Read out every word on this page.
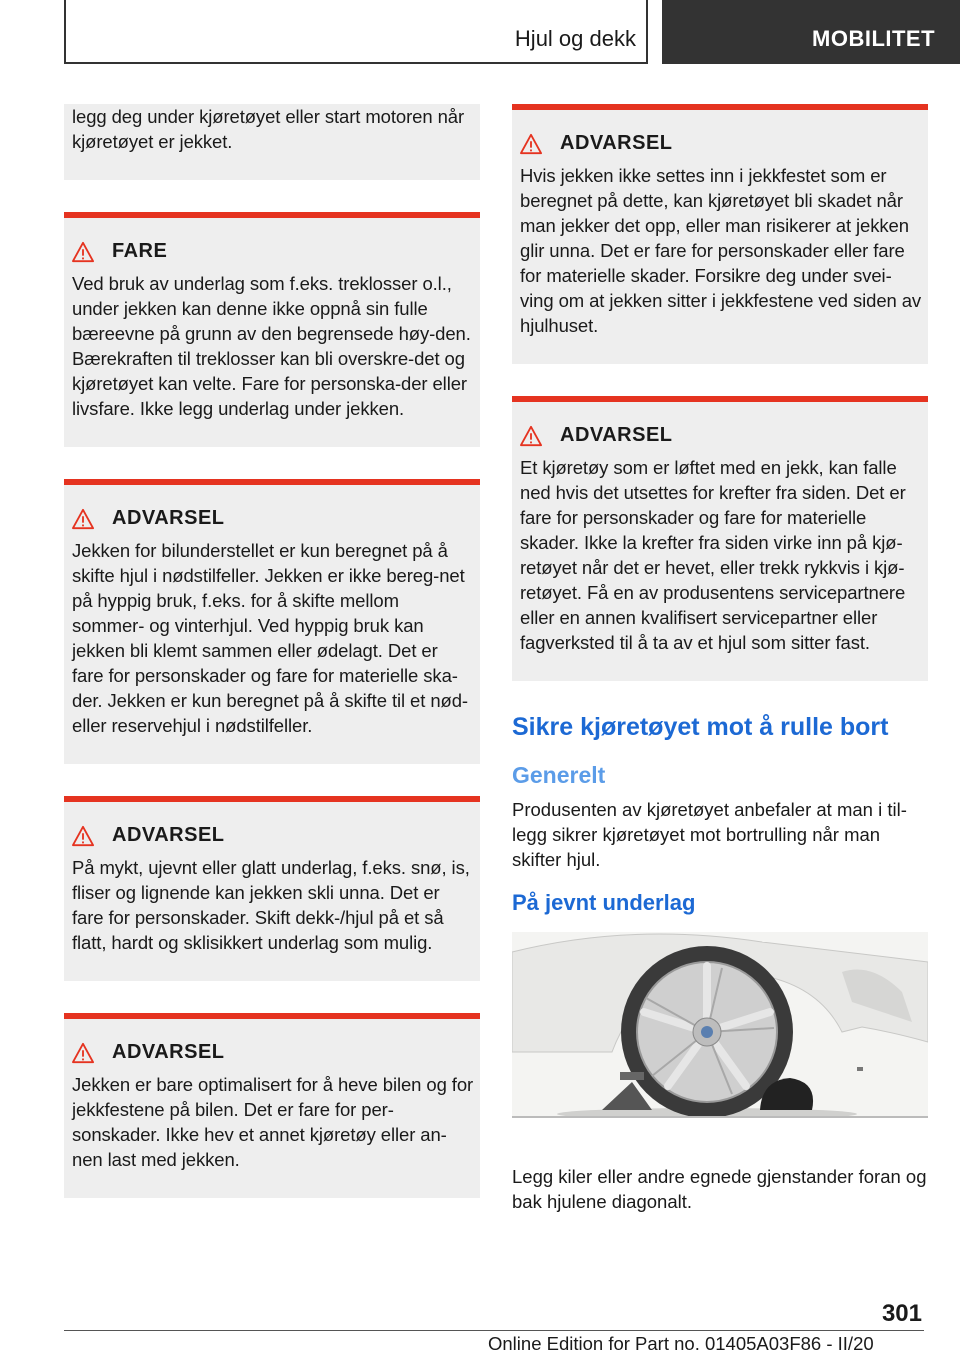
Hjul og dekk	MOBILITET
legg deg under kjøretøyet eller start motoren når kjøretøyet er jekket.
FARE
Ved bruk av underlag som f.eks. treklosser o.l., under jekken kan denne ikke oppnå sin fulle bæreevne på grunn av den begrensede høy-den. Bærekraften til treklosser kan bli overskre-det og kjøretøyet kan velte. Fare for personska-der eller livsfare. Ikke legg underlag under jekken.
ADVARSEL
Jekken for bilunderstellet er kun beregnet på å skifte hjul i nødstilfeller. Jekken er ikke bereg-net på hyppig bruk, f.eks. for å skifte mellom sommer- og vinterhjul. Ved hyppig bruk kan jekken bli klemt sammen eller ødelagt. Det er fare for personskader og fare for materielle ska-der. Jekken er kun beregnet på å skifte til et nød- eller reservehjul i nødstilfeller.
ADVARSEL
På mykt, ujevnt eller glatt underlag, f.eks. snø, is, fliser og lignende kan jekken skli unna. Det er fare for personskader. Skift dekk-/hjul på et så flatt, hardt og sklisikkert underlag som mulig.
ADVARSEL
Jekken er bare optimalisert for å heve bilen og for jekkfestene på bilen. Det er fare for per-sonskader. Ikke hev et annet kjøretøy eller an-nen last med jekken.
ADVARSEL
Hvis jekken ikke settes inn i jekkfestet som er beregnet på dette, kan kjøretøyet bli skadet når man jekker det opp, eller man risikerer at jekken glir unna. Det er fare for personskader eller fare for materielle skader. Forsikre deg under svei-ving om at jekken sitter i jekkfestene ved siden av hjulhuset.
ADVARSEL
Et kjøretøy som er løftet med en jekk, kan falle ned hvis det utsettes for krefter fra siden. Det er fare for personskader og fare for materielle skader. Ikke la krefter fra siden virke inn på kjø-retøyet når det er hevet, eller trekk rykkvis i kjø-retøyet. Få en av produsentens servicepartnere eller en annen kvalifisert servicepartner eller fagverksted til å ta av et hjul som sitter fast.
Sikre kjøretøyet mot å rulle bort
Generelt
Produsenten av kjøretøyet anbefaler at man i til-legg sikrer kjøretøyet mot bortrulling når man skifter hjul.
På jevnt underlag
Legg kiler eller andre egnede gjenstander foran og bak hjulene diagonalt.
301
Online Edition for Part no. 01405A03F86 - II/20
